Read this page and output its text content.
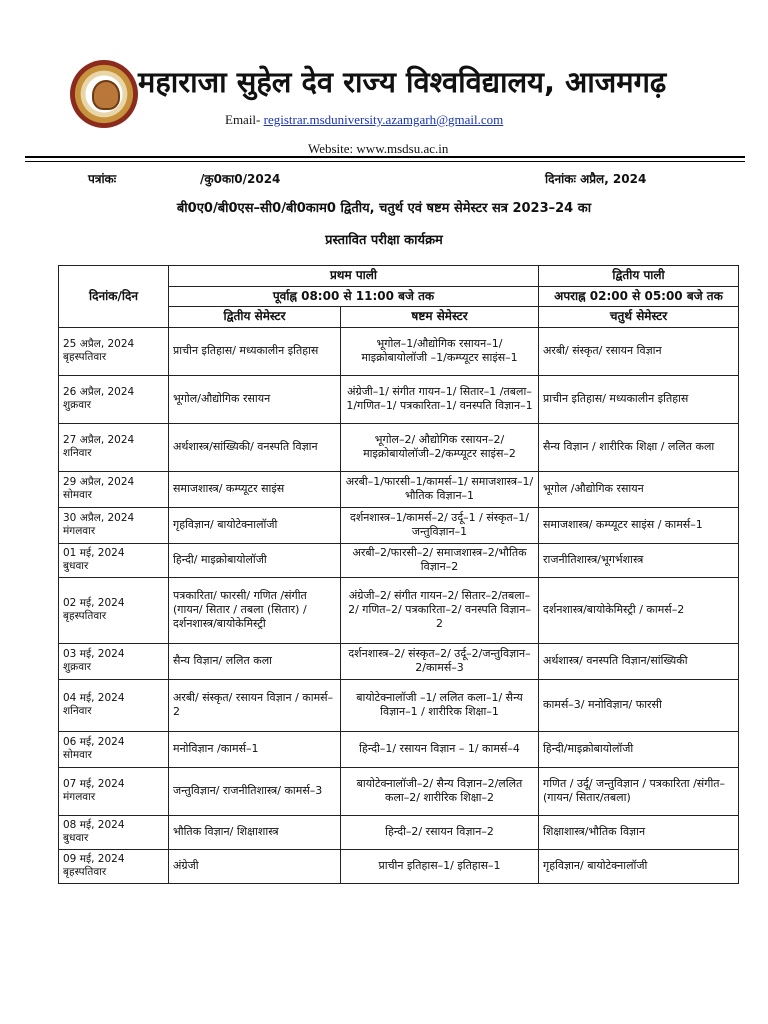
महाराजा सुहेल देव राज्य विश्वविद्यालय, आजमगढ़
Email- registrar.msduniversity.azamgarh@gmail.com
Website: www.msdsu.ac.in
पत्रांकः	/कु0का0/2024	दिनांकः अप्रैल, 2024
बी0ए0/बी0एस–सी0/बी0काम0 द्वितीय, चतुर्थ एवं षष्टम सेमेस्टर सत्र 2023–24 का
प्रस्तावित परीक्षा कार्यक्रम
दिनांक/दिन	प्रथम पाली		द्वितीय पाली
	पूर्वाह्न 08:00 से 11:00 बजे तक		अपराह्न 02:00 से 05:00 बजे तक
	द्वितीय सेमेस्टर	षष्टम सेमेस्टर	चतुर्थ सेमेस्टर

25 अप्रैल, 2024
बृहस्पतिवार	प्राचीन इतिहास/ मध्यकालीन इतिहास	भूगोल–1/औद्योगिक रसायन–1/ माइक्रोबायोलॉजी –1/कम्प्यूटर साइंस–1	अरबी/ संस्कृत/ रसायन विज्ञान

26 अप्रैल, 2024
शुक्रवार	भूगोल/औद्योगिक रसायन	अंग्रेजी–1/ संगीत गायन–1/ सितार–1 /तबला–1/गणित–1/ पत्रकारिता–1/ वनस्पति विज्ञान–1	प्राचीन इतिहास/ मध्यकालीन इतिहास

27 अप्रैल, 2024
शनिवार	अर्थशास्त्र/सांख्यिकी/ वनस्पति विज्ञान	भूगोल–2/ औद्योगिक रसायन–2/ माइक्रोबायोलॉजी–2/कम्प्यूटर साइंस–2	सैन्य विज्ञान / शारीरिक शिक्षा / ललित कला

29 अप्रैल, 2024
सोमवार	समाजशास्त्र/ कम्प्यूटर साइंस	अरबी–1/फारसी–1/कामर्स–1/ समाजशास्त्र–1/ भौतिक विज्ञान–1	भूगोल /औद्योगिक रसायन

30 अप्रैल, 2024
मंगलवार	गृहविज्ञान/ बायोटेक्नालॉजी	दर्शनशास्त्र–1/कामर्स–2/ उर्दू–1 / संस्कृत–1/जन्तुविज्ञान–1	समाजशास्त्र/ कम्प्यूटर साइंस / कामर्स–1

01 मई, 2024
बुधवार	हिन्दी/ माइक्रोबायोलॉजी	अरबी–2/फारसी–2/ समाजशास्त्र–2/भौतिक विज्ञान–2	राजनीतिशास्त्र/भूगर्भशास्त्र

02 मई, 2024
बृहस्पतिवार	पत्रकारिता/ फारसी/ गणित /संगीत (गायन/ सितार / तबला (सितार) / दर्शनशास्त्र/बायोकेमिस्ट्री	अंग्रेजी–2/ संगीत गायन–2/ सितार–2/तबला–2/ गणित–2/ पत्रकारिता–2/ वनस्पति विज्ञान–2	दर्शनशास्त्र/बायोकेमिस्ट्री / कामर्स–2

03 मई, 2024
शुक्रवार	सैन्य विज्ञान/ ललित कला	दर्शनशास्त्र–2/ संस्कृत–2/ उर्दू–2/जन्तुविज्ञान–2/कामर्स–3	अर्थशास्त्र/ वनस्पति विज्ञान/सांख्यिकी

04 मई, 2024
शनिवार	अरबी/ संस्कृत/ रसायन विज्ञान / कामर्स–2	बायोटेक्नालॉजी –1/ ललित कला–1/ सैन्य विज्ञान–1 / शारीरिक शिक्षा–1	कामर्स–3/ मनोविज्ञान/ फारसी

06 मई, 2024
सोमवार	मनोविज्ञान /कामर्स–1	हिन्दी–1/ रसायन विज्ञान – 1/ कामर्स–4	हिन्दी/माइक्रोबायोलॉजी

07 मई, 2024
मंगलवार	जन्तुविज्ञान/ राजनीतिशास्त्र/ कामर्स–3	बायोटेक्नालॉजी–2/ सैन्य विज्ञान–2/ललित कला–2/ शारीरिक शिक्षा–2	गणित / उर्दू/ जन्तुविज्ञान / पत्रकारिता /संगीत– (गायन/ सितार/तबला)

08 मई, 2024
बुधवार	भौतिक विज्ञान/ शिक्षाशास्त्र	हिन्दी–2/ रसायन विज्ञान–2	शिक्षाशास्त्र/भौतिक विज्ञान

09 मई, 2024
बृहस्पतिवार	अंग्रेजी	प्राचीन इतिहास–1/ इतिहास–1	गृहविज्ञान/ बायोटेक्नालॉजी
